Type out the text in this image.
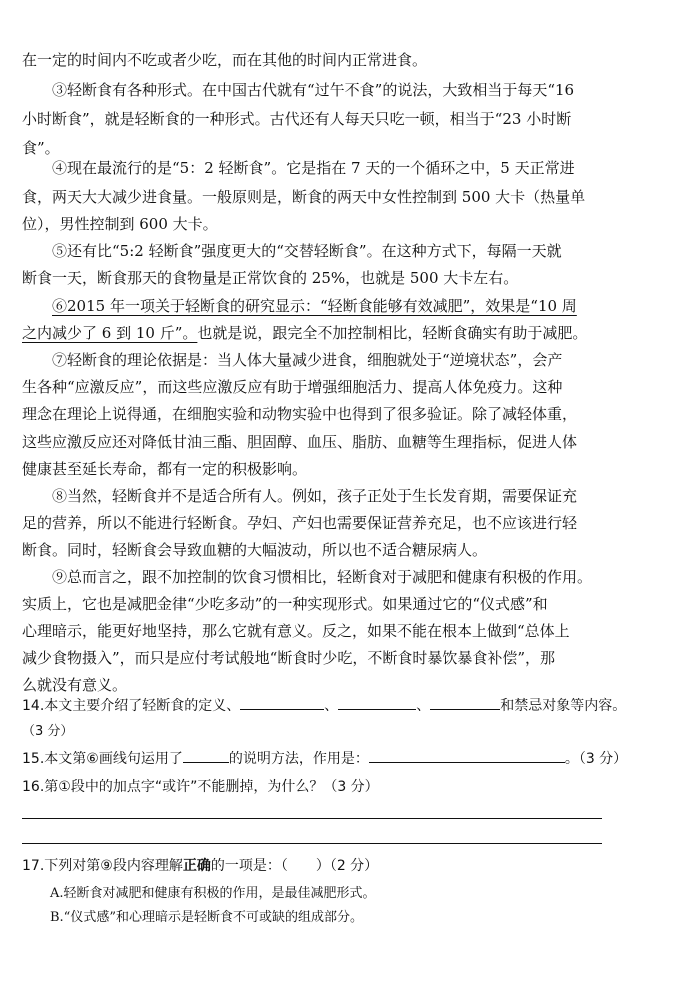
在一定的时间内不吃或者少吃，而在其他的时间内正常进食。
③轻断食有各种形式。在中国古代就有“过午不食”的说法，大致相当于每天“16
小时断食”，就是轻断食的一种形式。古代还有人每天只吃一顿，相当于“23 小时断
食”。
④现在最流行的是“5：2 轻断食”。它是指在 7 天的一个循环之中，5 天正常进
食，两天大大减少进食量。一般原则是，断食的两天中女性控制到 500 大卡（热量单
位），男性控制到 600 大卡。
⑤还有比“5:2 轻断食”强度更大的“交替轻断食”。在这种方式下，每隔一天就
断食一天，断食那天的食物量是正常饮食的 25%，也就是 500 大卡左右。
⑥2015 年一项关于轻断食的研究显示：“轻断食能够有效减肥”，效果是“10 周
之内减少了 6 到 10 斤”。也就是说，跟完全不加控制相比，轻断食确实有助于减肥。
⑦轻断食的理论依据是：当人体大量减少进食，细胞就处于“逆境状态”，会产
生各种“应激反应”，而这些应激反应有助于增强细胞活力、提高人体免疫力。这种
理念在理论上说得通，在细胞实验和动物实验中也得到了很多验证。除了减轻体重，
这些应激反应还对降低甘油三酯、胆固醇、血压、脂肪、血糖等生理指标，促进人体
健康甚至延长寿命，都有一定的积极影响。
⑧当然，轻断食并不是适合所有人。例如，孩子正处于生长发育期，需要保证充
足的营养，所以不能进行轻断食。孕妇、产妇也需要保证营养充足，也不应该进行轻
断食。同时，轻断食会导致血糖的大幅波动，所以也不适合糖尿病人。
⑨总而言之，跟不加控制的饮食习惯相比，轻断食对于减肥和健康有积极的作用。
实质上，它也是减肥金律“少吃多动”的一种实现形式。如果通过它的“仪式感”和
心理暗示，能更好地坚持，那么它就有意义。反之，如果不能在根本上做到“总体上
减少食物摄入”，而只是应付考试般地“断食时少吃，不断食时暴饮暴食补偿”，那
么就没有意义。
14.本文主要介绍了轻断食的定义、	、	、	和禁忌对象等内容。
（3 分）
15.本文第⑥画线句运用了	的说明方法，作用是：	。（3 分）
16.第①段中的加点字“或许”不能删掉，为什么？（3 分）
17.下列对第⑨段内容理解正确的一项是：（　　）（2 分）
A.轻断食对减肥和健康有积极的作用，是最佳减肥形式。
B.“仪式感”和心理暗示是轻断食不可或缺的组成部分。
